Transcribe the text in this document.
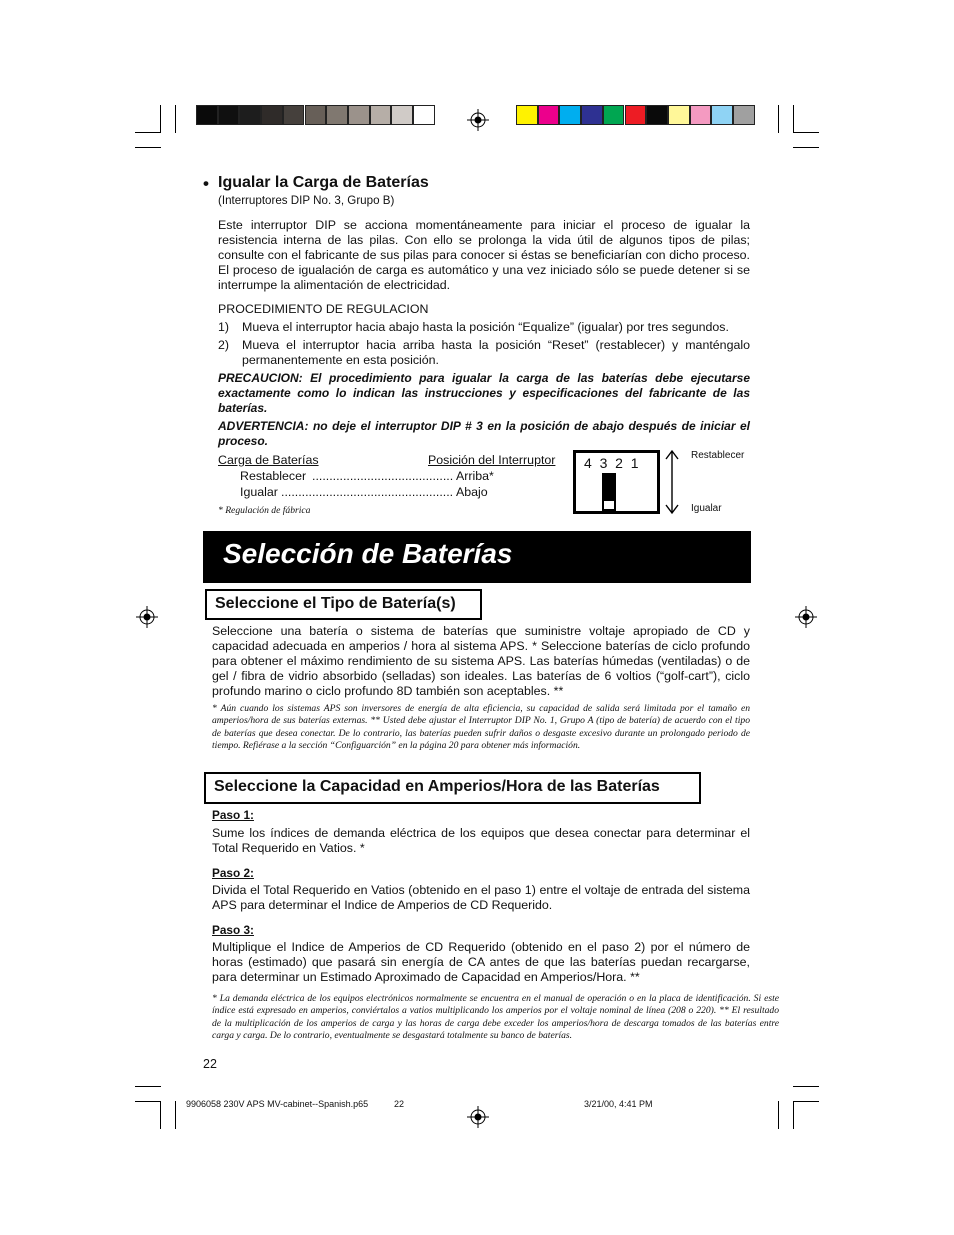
• Igualar la Carga de Baterías
(Interruptores DIP No. 3, Grupo B)
Este interruptor DIP se acciona momentáneamente para iniciar el proceso de igualar la resistencia interna de las pilas. Con ello se prolonga la vida útil de algunos tipos de pilas; consulte con el fabricante de sus pilas para conocer si éstas se beneficiarían con dicho proceso. El proceso de igualación de carga es automático y una vez iniciado sólo se puede detener si se interrumpe la alimentación de electricidad.
PROCEDIMIENTO DE REGULACION
1) Mueva el interruptor hacia abajo hasta la posición “Equalize” (igualar) por tres segundos.
2) Mueva el interruptor hacia arriba hasta la posición “Reset” (restablecer) y manténgalo permanentemente en esta posición.
PRECAUCION: El procedimiento para igualar la carga de las baterías debe ejecutarse exactamente como lo indican las instrucciones y especificaciones del fabricante de las baterías.
ADVERTENCIA: no deje el interruptor DIP # 3 en la posición de abajo después de iniciar el proceso.
Carga de Baterías	Posición del Interruptor
Restablecer ......................................... Arriba*
Igualar .................................................. Abajo
* Regulación de fábrica
4  3  2  1	Restablecer
Igualar
Selección de Baterías
Seleccione el Tipo de Batería(s)
Seleccione una batería o sistema de baterías que suministre voltaje apropiado de CD y capacidad adecuada en amperios / hora al sistema APS. * Seleccione baterías de ciclo profundo para obtener el máximo rendimiento de su sistema APS. Las baterías húmedas (ventiladas) o de gel / fibra de vidrio absorbido (selladas) son ideales. Las baterías de 6 voltios (“golf-cart”), ciclo profundo marino o ciclo profundo 8D también son aceptables. **
* Aún cuando los sistemas APS son inversores de energía de alta eficiencia, su capacidad de salida será limitada por el tamaño en amperios/hora de sus baterías externas. ** Usted debe ajustar el Interruptor DIP No. 1, Grupo A (tipo de batería) de acuerdo con el tipo de baterías que desea conectar. De lo contrario, las baterías pueden sufrir daños o desgaste excesivo durante un prolongado periodo de tiempo. Refiérase a la sección “Configuarción” en la página 20 para obtener más información.
Seleccione la Capacidad en Amperios/Hora de las Baterías
Paso 1:
Sume los índices de demanda eléctrica de los equipos que desea conectar para determinar el Total Requerido en Vatios. *
Paso 2:
Divida el Total Requerido en Vatios (obtenido en el paso 1) entre el voltaje de entrada del sistema APS para determinar el Indice de Amperios de CD Requerido.
Paso 3:
Multiplique el Indice de Amperios de CD Requerido (obtenido en el paso 2) por el número de horas (estimado) que pasará sin energía de CA antes de que las baterías puedan recargarse, para determinar un Estimado Aproximado de Capacidad en Amperios/Hora. **
* La demanda eléctrica de los equipos electrónicos normalmente se encuentra en el manual de operación o en la placa de identificación. Si este índice está expresado en amperios, conviértalos a vatios multiplicando los amperios por el voltaje nominal de línea (208 o 220). ** El resultado de la multiplicación de los amperios de carga y las horas de carga debe exceder los amperios/hora de descarga tomados de las baterías entre carga y carga. De lo contrario, eventualmente se desgastará totalmente su banco de baterías.
22
9906058 230V APS MV-cabinet--Spanish.p65	22	3/21/00, 4:41 PM
